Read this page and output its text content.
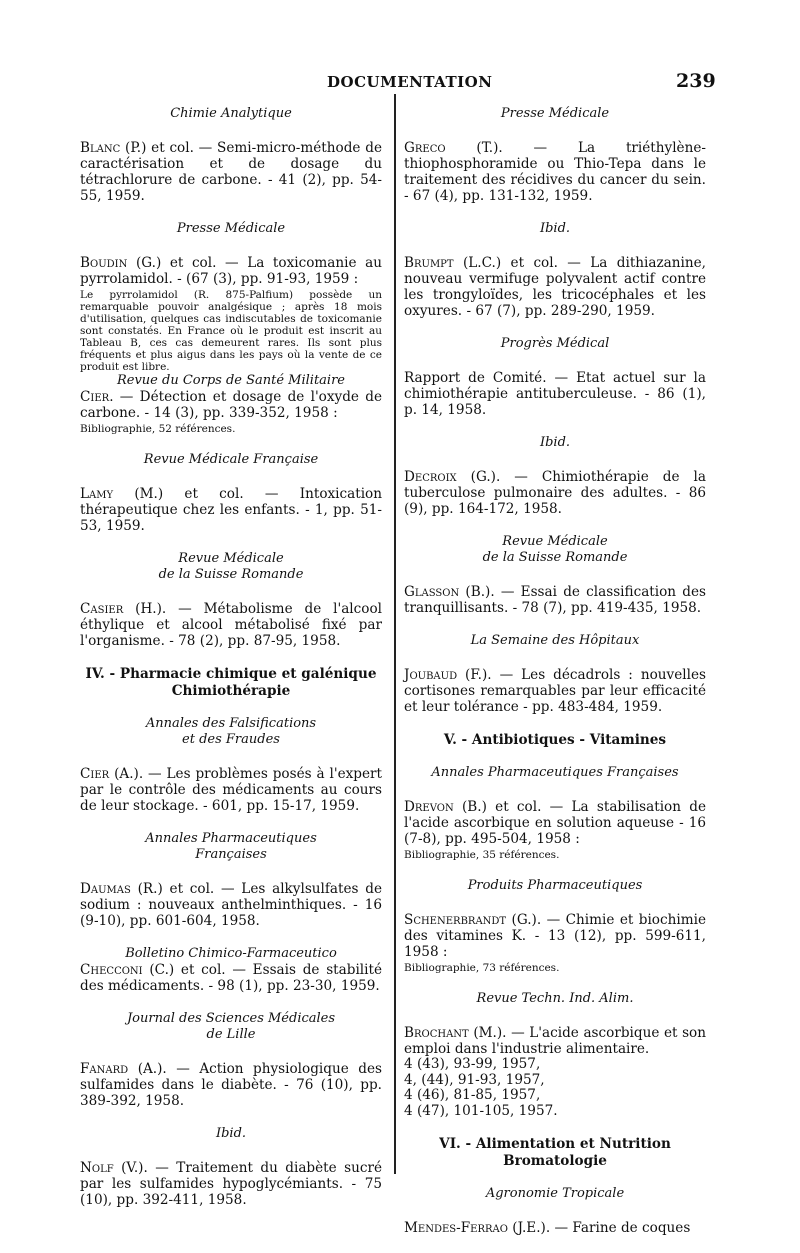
DOCUMENTATION	239
Chimie Analytique
Blanc (P.) et col. — Semi-micro-méthode de caractérisation et de dosage du tétrachlorure de carbone. - 41 (2), pp. 54-55, 1959.
Presse Médicale
Boudin (G.) et col. — La toxicomanie au pyrrolamidol. - (67 (3), pp. 91-93, 1959 :
Le pyrrolamidol (R. 875-Palfium) possède un remarquable pouvoir analgésique ; après 18 mois d'utilisation, quelques cas indiscutables de toxicomanie sont constatés. En France où le produit est inscrit au Tableau B, ces cas demeurent rares. Ils sont plus fréquents et plus aigus dans les pays où la vente de ce produit est libre.
Revue du Corps de Santé Militaire
Cier. — Détection et dosage de l'oxyde de carbone. - 14 (3), pp. 339-352, 1958 :
Bibliographie, 52 références.
Revue Médicale Française
Lamy (M.) et col. — Intoxication thérapeutique chez les enfants. - 1, pp. 51-53, 1959.
Revue Médicale
de la Suisse Romande
Casier (H.). — Métabolisme de l'alcool éthylique et alcool métabolisé fixé par l'organisme. - 78 (2), pp. 87-95, 1958.
IV. - Pharmacie chimique et galénique
Chimiothérapie
Annales des Falsifications
et des Fraudes
Cier (A.). — Les problèmes posés à l'expert par le contrôle des médicaments au cours de leur stockage. - 601, pp. 15-17, 1959.
Annales Pharmaceutiques
Françaises
Daumas (R.) et col. — Les alkylsulfates de sodium : nouveaux anthelminthiques. - 16 (9-10), pp. 601-604, 1958.
Bolletino Chimico-Farmaceutico
Checconi (C.) et col. — Essais de stabilité des médicaments. - 98 (1), pp. 23-30, 1959.
Journal des Sciences Médicales
de Lille
Fanard (A.). — Action physiologique des sulfamides dans le diabète. - 76 (10), pp. 389-392, 1958.
Ibid.
Nolf (V.). — Traitement du diabète sucré par les sulfamides hypoglycémiants. - 75 (10), pp. 392-411, 1958.
Presse Médicale
Greco (T.). — La triéthylène-thiophosphoramide ou Thio-Tepa dans le traitement des récidives du cancer du sein. - 67 (4), pp. 131-132, 1959.
Ibid.
Brumpt (L.C.) et col. — La dithiazanine, nouveau vermifuge polyvalent actif contre les trongyloïdes, les tricocéphales et les oxyures. - 67 (7), pp. 289-290, 1959.
Progrès Médical
Rapport de Comité. — Etat actuel sur la chimiothérapie antituberculeuse. - 86 (1), p. 14, 1958.
Ibid.
Decroix (G.). — Chimiothérapie de la tuberculose pulmonaire des adultes. - 86 (9), pp. 164-172, 1958.
Revue Médicale
de la Suisse Romande
Glasson (B.). — Essai de classification des tranquillisants. - 78 (7), pp. 419-435, 1958.
La Semaine des Hôpitaux
Joubaud (F.). — Les décadrols : nouvelles cortisones remarquables par leur efficacité et leur tolérance - pp. 483-484, 1959.
V. - Antibiotiques - Vitamines
Annales Pharmaceutiques Françaises
Drevon (B.) et col. — La stabilisation de l'acide ascorbique en solution aqueuse - 16 (7-8), pp. 495-504, 1958 :
Bibliographie, 35 références.
Produits Pharmaceutiques
Schenerbrandt (G.). — Chimie et biochimie des vitamines K. - 13 (12), pp. 599-611, 1958 :
Bibliographie, 73 références.
Revue Techn. Ind. Alim.
Brochant (M.). — L'acide ascorbique et son emploi dans l'industrie alimentaire.
4 (43), 93-99, 1957,
4, (44), 91-93, 1957,
4 (46), 81-85, 1957,
4 (47), 101-105, 1957.
VI. - Alimentation et Nutrition
Bromatologie
Agronomie Tropicale
Mendes-Ferrao (J.E.). — Farine de coques
